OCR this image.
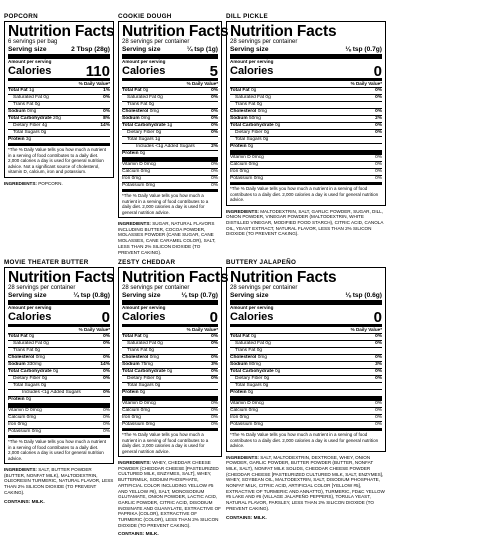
POPCORN
Nutrition Facts
6 servings per bag
Serving size	2 Tbsp (28g)
Amount per serving
Calories 110
% Daily Value*
Total Fat 1g	1%
Saturated Fat 0g	0%
Trans Fat 0g
Sodium 0mg	0%
Total Carbohydrate 20g	8%
Dietary Fiber 4g	14%
Total Sugars 0g
Protein 3g
*The % Daily Value tells you how much a nutrient in a serving of food contributes to a daily diet. 2,000 calories a day is used for general nutrition advice. Not a significant source of cholesterol, vitamin D, calcium, iron and potassium.
INGREDIENTS: POPCORN.
COOKIE DOUGH
Nutrition Facts
28 servings per container
Serving size	¼ tsp (1g)
Amount per serving
Calories	5
% Daily Value*
Total Fat 0g	0%
Saturated Fat 0g	0%
Trans Fat 0g
Cholesterol 0mg	0%
Sodium 0mg	0%
Total Carbohydrate 1g	0%
Dietary Fiber 0g	0%
Total Sugars 1g
Includes <1g Added Sugars	2%
Protein 0g
Vitamin D 0mcg	0%
Calcium 0mg	0%
Iron 0mg	0%
Potassium 0mg	0%
*The % Daily Value tells you how much a nutrient in a serving of food contributes to a daily diet. 2,000 calories a day is used for general nutrition advice.
INGREDIENTS: SUGAR, NATURAL FLAVORS INCLUDING BUTTER, COCOA POWDER, MOLASSES POWDER (CANE SUGAR, CANE MOLASSES, CANE CARAMEL COLOR), SALT, LESS THAN 2% SILICON DIOXIDE (TO PREVENT CAKING).
DILL PICKLE
Nutrition Facts
28 servings per container
Serving size	⅛ tsp (0.7g)
Amount per serving
Calories	0
% Daily Value*
Total Fat 0g	0%
Saturated Fat 0g	0%
Trans Fat 0g
Cholesterol 0mg	0%
Sodium 50mg	2%
Total Carbohydrate 0g	0%
Dietary Fiber 0g	0%
Total Sugars 0g
Protein 0g
Vitamin D 0mcg	0%
Calcium 0mg	0%
Iron 0mg	0%
Potassium 0mg	0%
*The % Daily Value tells you how much a nutrient in a serving of food contributes to a daily diet. 2,000 calories a day is used for general nutrition advice.
INGREDIENTS: MALTODEXTRIN, SALT, GARLIC POWDER, SUGAR, DILL, ONION POWDER, VINEGAR POWDER (MALTODEXTRIN, WHITE DISTILLED VINEGAR, MODIFIED FOOD STARCH), CITRIC ACID, CANOLA OIL, YEAST EXTRACT, NATURAL FLAVOR, LESS THAN 2% SILICON DIOXIDE (TO PREVENT CAKING).
MOVIE THEATER BUTTER
Nutrition Facts
28 servings per container
Serving size	¼ tsp (0.8g)
Amount per serving
Calories	0
% Daily Value*
Total Fat 0g	0%
Saturated Fat 0g	0%
Trans Fat 0g
Cholesterol 0mg	0%
Sodium 330mg	14%
Total Carbohydrate 0g	0%
Dietary Fiber 0g	0%
Total Sugars 0g
Includes <1g Added Sugars	0%
Protein 0g
Vitamin D 0mcg	0%
Calcium 0mg	0%
Iron 0mg	0%
Potassium 0mg	0%
*The % Daily Value tells you how much a nutrient in a serving of food contributes to a daily diet. 2,000 calories a day is used for general nutrition advice.
INGREDIENTS: SALT, BUTTER POWDER (BUTTER, NONFAT MILK), MALTODEXTRIN, OLEORESIN TURMERIC, NATURAL FLAVOR, LESS THAN 2% SILICON DIOXIDE (TO PREVENT CAKING).
CONTAINS: MILK.
ZESTY CHEDDAR
Nutrition Facts
28 servings per container
Serving size	⅛ tsp (0.7g)
Amount per serving
Calories	0
% Daily Value*
Total Fat 0g	0%
Saturated Fat 0g	0%
Trans Fat 0g
Cholesterol 0mg	0%
Sodium 75mg	3%
Total Carbohydrate 0g	0%
Dietary Fiber 0g	0%
Total Sugars 0g
Protein 0g
Vitamin D 0mcg	0%
Calcium 0mg	0%
Iron 0mg	0%
Potassium 0mg	0%
*The % Daily Value tells you how much a nutrient in a serving of food contributes to a daily diet. 2,000 calories a day is used for general nutrition advice.
INGREDIENTS: WHEY, CHEDDAR CHEESE POWDER (CHEDDAR CHEESE [PASTEURIZED CULTURED MILK, ENZYMES, SALT], WHEY, BUTTERMILK, SODIUM PHOSPHATE, ARTIFICIAL COLOR INCLUDING YELLOW #5 AND YELLOW #6), SALT, MONOSODIUM GLUTAMATE, ONION POWDER, LACTIC ACID, GARLIC POWDER, CITRIC ACID, DISODIUM INOSINATE AND GUANYLATE, EXTRACTIVE OF PAPRIKA (COLOR), EXTRACTIVE OF TURMERIC (COLOR), LESS THAN 2% SILICON DIOXIDE (TO PREVENT CAKING).
CONTAINS: MILK.
BUTTERY JALAPEÑO
Nutrition Facts
28 servings per container
Serving size	⅛ tsp (0.6g)
Amount per serving
Calories	0
% Daily Value*
Total Fat 0g	0%
Saturated Fat 0g	0%
Trans Fat 0g
Cholesterol 0mg	0%
Sodium 80mg	3%
Total Carbohydrate 0g	0%
Dietary Fiber 0g	0%
Total Sugars 0g
Protein 0g
Vitamin D 0mcg	0%
Calcium 0mg	0%
Iron 0mg	0%
Potassium 0mg	0%
*The % Daily Value tells you how much a nutrient in a serving of food contributes to a daily diet. 2,000 calories a day is used for general nutrition advice.
INGREDIENTS: SALT, MALTODEXTRIN, DEXTROSE, WHEY, ONION POWDER, GARLIC POWDER, BUTTER POWDER (BUTTER, NONFAT MILK, SALT), NONFAT MILK SOLIDS, CHEDDAR CHEESE POWDER (CHEDDAR CHEESE [PASTEURIZED CULTURED MILK, SALT, ENZYMES], WHEY, SOYBEAN OIL, MALTODEXTRIN, SALT, DISODIUM PHOSPHATE, NONFAT MILK, CITRIC ACID, ARTIFICIAL COLOR [YELLOW #5], EXTRACTIVE OF TURMERIC AND ANNATTO), TURMERIC, FD&C YELLOW #5 LAKE AND #6 (VILLAGE JALAPEÑO PEPPERS), TORULA YEAST, NATURAL FLAVOR, PARSLEY, LESS THAN 2% SILICON DIOXIDE (TO PREVENT CAKING).
CONTAINS: MILK.
